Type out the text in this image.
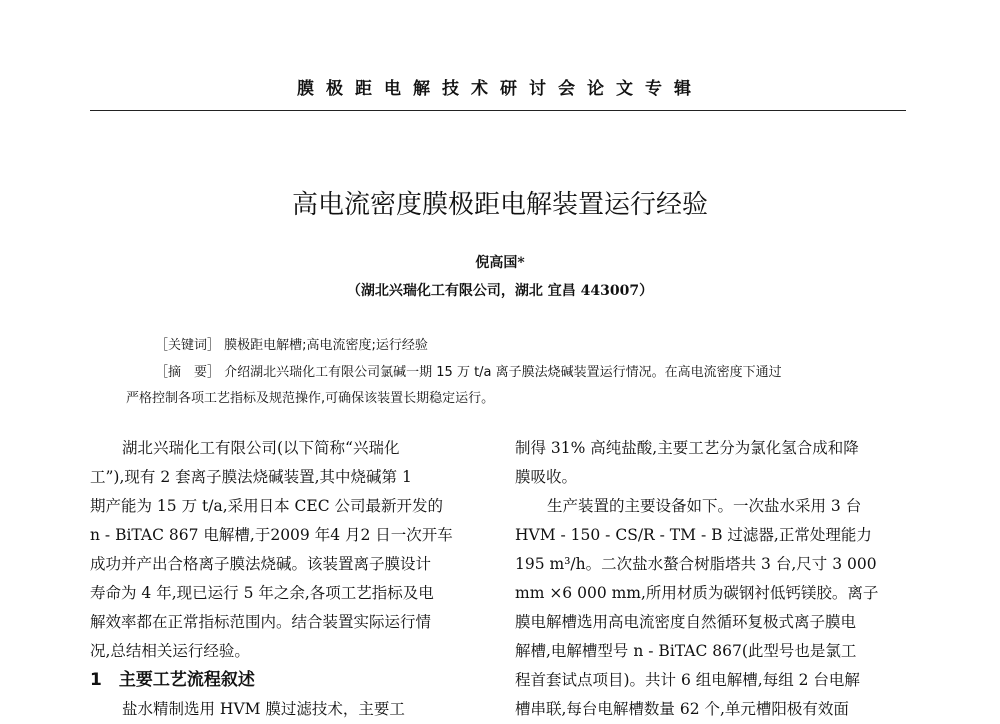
膜极距电解技术研讨会论文专辑
高电流密度膜极距电解装置运行经验
倪高国*
（湖北兴瑞化工有限公司，湖北 宜昌 443007）
［关键词］ 膜极距电解槽;高电流密度;运行经验
［摘　要］ 介绍湖北兴瑞化工有限公司氯碱一期 15 万 t/a 离子膜法烧碱装置运行情况。在高电流密度下通过
严格控制各项工艺指标及规范操作,可确保该装置长期稳定运行。
湖北兴瑞化工有限公司(以下简称“兴瑞化
工”),现有 2 套离子膜法烧碱装置,其中烧碱第 1
期产能为 15 万 t/a,采用日本 CEC 公司最新开发的
n - BiTAC 867 电解槽,于2009 年4 月2 日一次开车
成功并产出合格离子膜法烧碱。该装置离子膜设计
寿命为 4 年,现已运行 5 年之余,各项工艺指标及电
解效率都在正常指标范围内。结合装置实际运行情
况,总结相关运行经验。
1　主要工艺流程叙述
盐水精制选用 HVM 膜过滤技术，主要工
制得 31% 高纯盐酸,主要工艺分为氯化氢合成和降
膜吸收。
生产装置的主要设备如下。一次盐水采用 3 台
HVM - 150 - CS/R - TM - B 过滤器,正常处理能力
195 m³/h。二次盐水螯合树脂塔共 3 台,尺寸 3 000
mm ×6 000 mm,所用材质为碳钢衬低钙镁胶。离子
膜电解槽选用高电流密度自然循环复极式离子膜电
解槽,电解槽型号 n - BiTAC 867(此型号也是氯工
程首套试点项目)。共计 6 组电解槽,每组 2 台电解
槽串联,每台电解槽数量 62 个,单元槽阳极有效面
